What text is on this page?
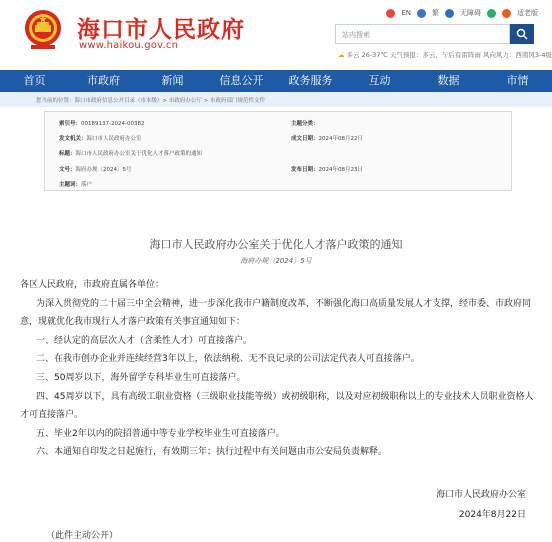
海口市人民政府
www.haikou.gov.cn
EN	繁	无障碍	适老版
站内搜索
☁ 多云 26-37℃ 天气预报：多云，午后有雷阵雨 风向风力：西南风3-4级
首页	市政府	新闻	信息公开	政务服务	互动	数据	市情
您当前的位置：海口市政府信息公开目录（市本级）> 市政府办公厅 > 市政府部门规范性文件
索引号：00189137-2024-00382	主题分类：
发文机关：海口市人民政府办公室	成文日期：2024年08月22日
标题：海口市人民政府办公室关于优化人才落户政策的通知
文号：海府办规〔2024〕5号	发布日期：2024年08月23日
主题词：落户
海口市人民政府办公室关于优化人才落户政策的通知
海府办规〔2024〕5号

各区人民政府，市政府直属各单位：

为深入贯彻党的二十届三中全会精神，进一步深化我市户籍制度改革，不断强化海口高质量发展人才支撑，经市委、市政府同意，现就优化我市现行人才落户政策有关事宜通知如下：

一、经认定的高层次人才（含柔性人才）可直接落户。

二、在我市创办企业并连续经营3年以上，依法纳税、无不良记录的公司法定代表人可直接落户。

三、50周岁以下，海外留学专科毕业生可直接落户。

四、45周岁以下，具有高级工职业资格（三级职业技能等级）或初级职称，以及对应初级职称以上的专业技术人员职业资格人才可直接落户。

五、毕业2年以内的院招普通中等专业学校毕业生可直接落户。

六、本通知自印发之日起施行，有效期三年；执行过程中有关问题由市公安局负责解释。

海口市人民政府办公室
2024年8月22日
（此件主动公开）
